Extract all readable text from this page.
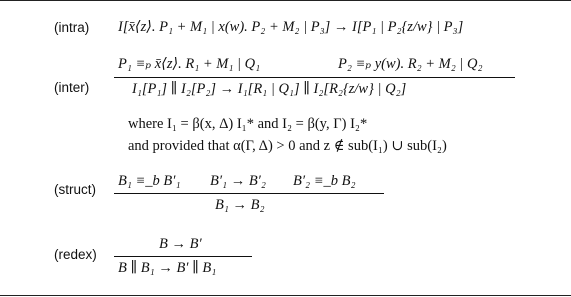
(intra) I[x̄⟨z⟩. P₁ + M₁ | x(w). P₂ + M₂ | P₃] → I[P₁ | P₂{z/w} | P₃]
(inter)
P₁ ≡ₚ x̄⟨z⟩. R₁ + M₁ | Q₁	P₂ ≡ₚ y(w). R₂ + M₂ | Q₂
I₁[P₁] ∥ I₂[P₂] → I₁[R₁ | Q₁] ∥ I₂[R₂{z/w} | Q₂]
where I₁ = β(x, Δ) I₁* and I₂ = β(y, Γ) I₂*
and provided that α(Γ, Δ) > 0 and z ∉ sub(I₁) ∪ sub(I₂)
(struct)
B₁ ≡_b B′₁ B′₁ → B′₂ B′₂ ≡_b B₂
B₁ → B₂
(redex)
B → B′
B ∥ B₁ → B′ ∥ B₁
